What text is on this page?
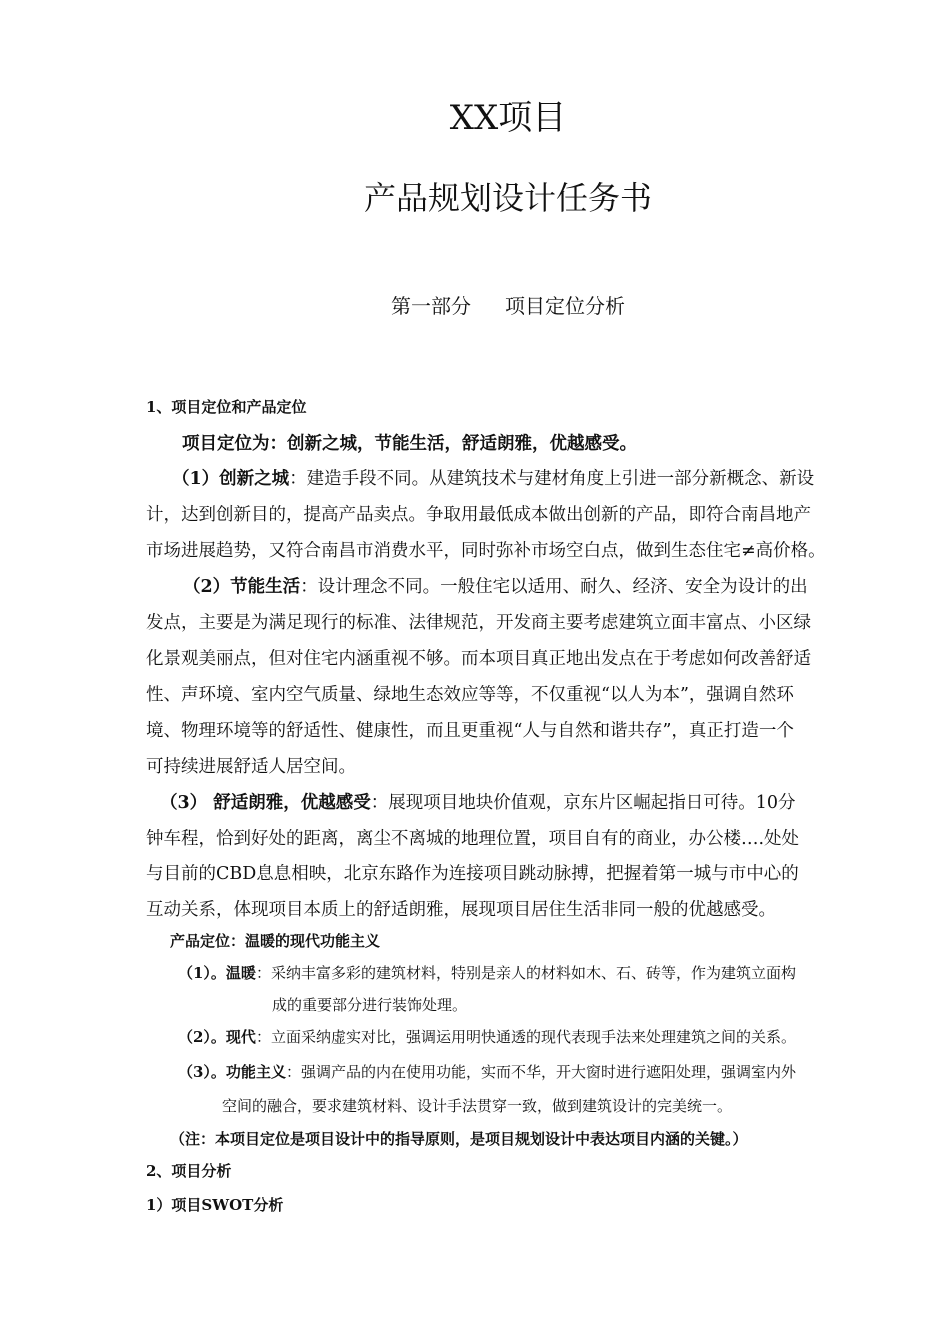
XX项目
产品规划设计任务书
第一部分 项目定位分析
1、项目定位和产品定位
项目定位为：创新之城，节能生活，舒适朗雅，优越感受。
（1）创新之城：建造手段不同。从建筑技术与建材角度上引进一部分新概念、新设
计，达到创新目的，提高产品卖点。争取用最低成本做出创新的产品，即符合南昌地产
市场进展趋势，又符合南昌市消费水平，同时弥补市场空白点，做到生态住宅≠高价格。
（2）节能生活：设计理念不同。一般住宅以适用、耐久、经济、安全为设计的出
发点，主要是为满足现行的标准、法律规范，开发商主要考虑建筑立面丰富点、小区绿
化景观美丽点，但对住宅内涵重视不够。而本项目真正地出发点在于考虑如何改善舒适
性、声环境、室内空气质量、绿地生态效应等等，不仅重视“以人为本”，强调自然环
境、物理环境等的舒适性、健康性，而且更重视“人与自然和谐共存”，真正打造一个
可持续进展舒适人居空间。
（3） 舒适朗雅，优越感受：展现项目地块价值观，京东片区崛起指日可待。10分
钟车程，恰到好处的距离，离尘不离城的地理位置，项目自有的商业，办公楼….处处
与目前的CBD息息相映，北京东路作为连接项目跳动脉搏，把握着第一城与市中心的
互动关系，体现项目本质上的舒适朗雅，展现项目居住生活非同一般的优越感受。
产品定位：温暖的现代功能主义
（1）。温暖：采纳丰富多彩的建筑材料，特别是亲人的材料如木、石、砖等，作为建筑立面构
成的重要部分进行装饰处理。
（2）。现代：立面采纳虚实对比，强调运用明快通透的现代表现手法来处理建筑之间的关系。
（3）。功能主义：强调产品的内在使用功能，实而不华，开大窗时进行遮阳处理，强调室内外
空间的融合，要求建筑材料、设计手法贯穿一致，做到建筑设计的完美统一。
（注：本项目定位是项目设计中的指导原则，是项目规划设计中表达项目内涵的关键。）
2、项目分析
1）项目SWOT分析
